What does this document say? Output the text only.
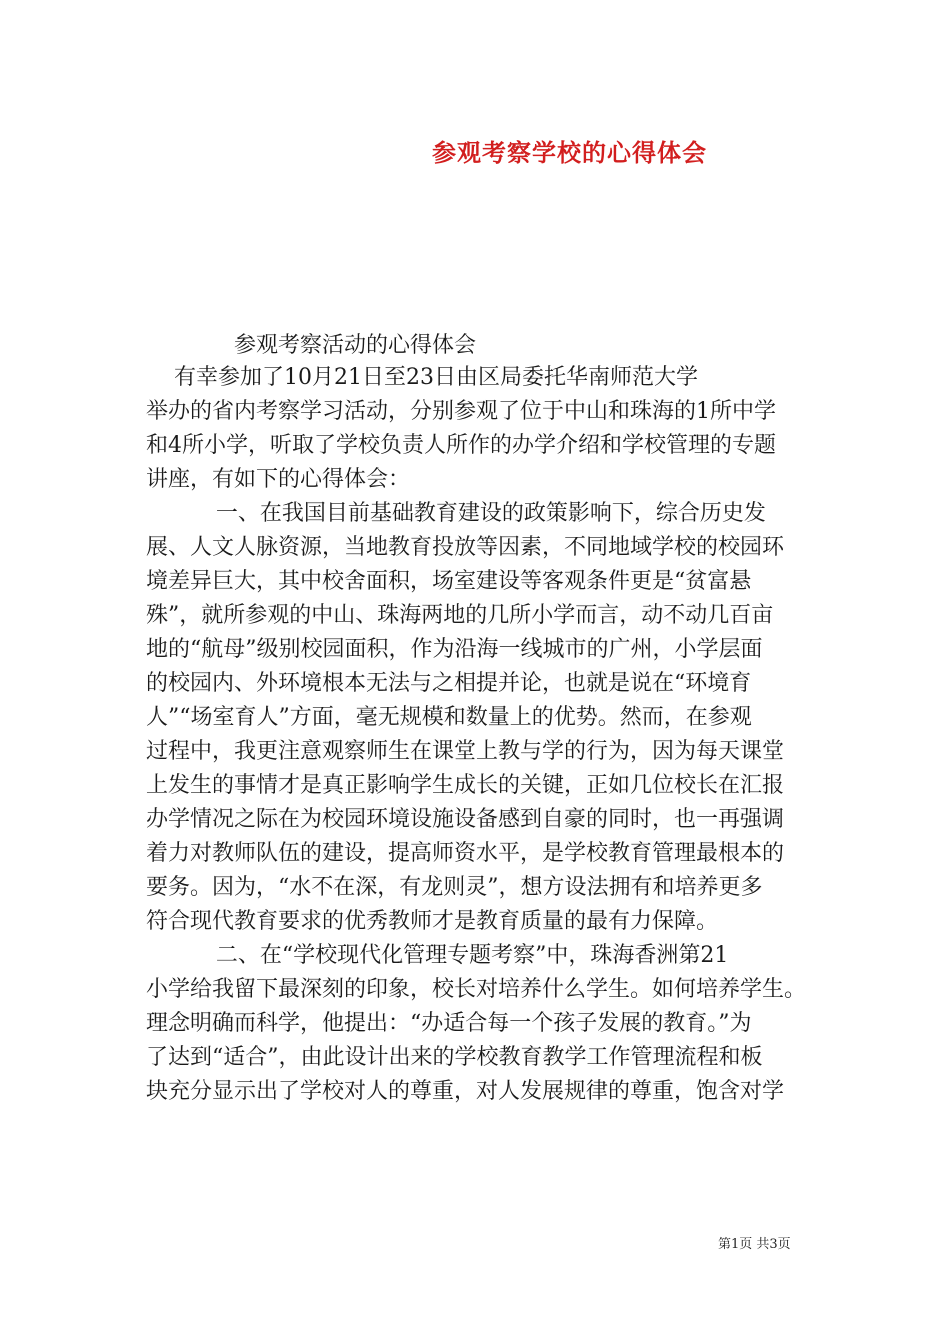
参观考察学校的心得体会
参观考察活动的心得体会
有幸参加了10月21日至23日由区局委托华南师范大学
举办的省内考察学习活动，分别参观了位于中山和珠海的1所中学
和4所小学，听取了学校负责人所作的办学介绍和学校管理的专题
讲座，有如下的心得体会：
一、在我国目前基础教育建设的政策影响下，综合历史发
展、人文人脉资源，当地教育投放等因素，不同地域学校的校园环
境差异巨大，其中校舍面积，场室建设等客观条件更是“贫富悬
殊”，就所参观的中山、珠海两地的几所小学而言，动不动几百亩
地的“航母”级别校园面积，作为沿海一线城市的广州，小学层面
的校园内、外环境根本无法与之相提并论，也就是说在“环境育
人”“场室育人”方面，毫无规模和数量上的优势。然而，在参观
过程中，我更注意观察师生在课堂上教与学的行为，因为每天课堂
上发生的事情才是真正影响学生成长的关键，正如几位校长在汇报
办学情况之际在为校园环境设施设备感到自豪的同时，也一再强调
着力对教师队伍的建设，提高师资水平，是学校教育管理最根本的
要务。因为，“水不在深，有龙则灵”，想方设法拥有和培养更多
符合现代教育要求的优秀教师才是教育质量的最有力保障。
二、在“学校现代化管理专题考察”中，珠海香洲第21
小学给我留下最深刻的印象，校长对培养什么学生。如何培养学生。
理念明确而科学，他提出：“办适合每一个孩子发展的教育。”为
了达到“适合”，由此设计出来的学校教育教学工作管理流程和板
块充分显示出了学校对人的尊重，对人发展规律的尊重，饱含对学
第1页 共3页
